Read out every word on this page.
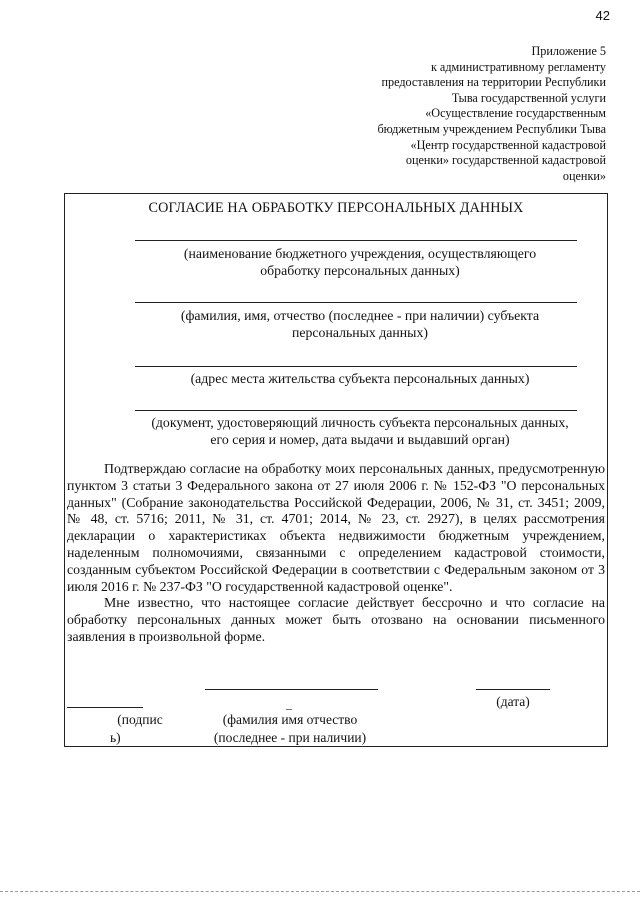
42
Приложение 5
к административному регламенту
предоставления на территории Республики
Тыва государственной услуги
«Осуществление государственным
бюджетным учреждением Республики Тыва
«Центр государственной кадастровой
оценки» государственной кадастровой
оценки»
СОГЛАСИЕ НА ОБРАБОТКУ ПЕРСОНАЛЬНЫХ ДАННЫХ
(наименование бюджетного учреждения, осуществляющего
обработку персональных данных)
(фамилия, имя, отчество (последнее - при наличии) субъекта
персональных данных)
(адрес места жительства субъекта персональных данных)
(документ, удостоверяющий личность субъекта персональных данных,
его серия и номер, дата выдачи и выдавший орган)

Подтверждаю согласие на обработку моих персональных данных, предусмотренную пунктом 3 статьи 3 Федерального закона от 27 июля 2006 г. № 152-ФЗ "О персональных данных" (Собрание законодательства Российской Федерации, 2006, № 31, ст. 3451; 2009, № 48, ст. 5716; 2011, № 31, ст. 4701; 2014, № 23, ст. 2927), в целях рассмотрения декларации о характеристиках объекта недвижимости бюджетным учреждением, наделенным полномочиями, связанными с определением кадастровой стоимости, созданным субъектом Российской Федерации в соответствии с Федеральным законом от 3 июля 2016 г. № 237-ФЗ "О государственной кадастровой оценке".

Мне известно, что настоящее согласие действует бессрочно и что согласие на обработку персональных данных может быть отозвано на основании письменного заявления в произвольной форме.

_	(дата)
(подпис
ь)
(фамилия имя отчество
(последнее - при наличии)
